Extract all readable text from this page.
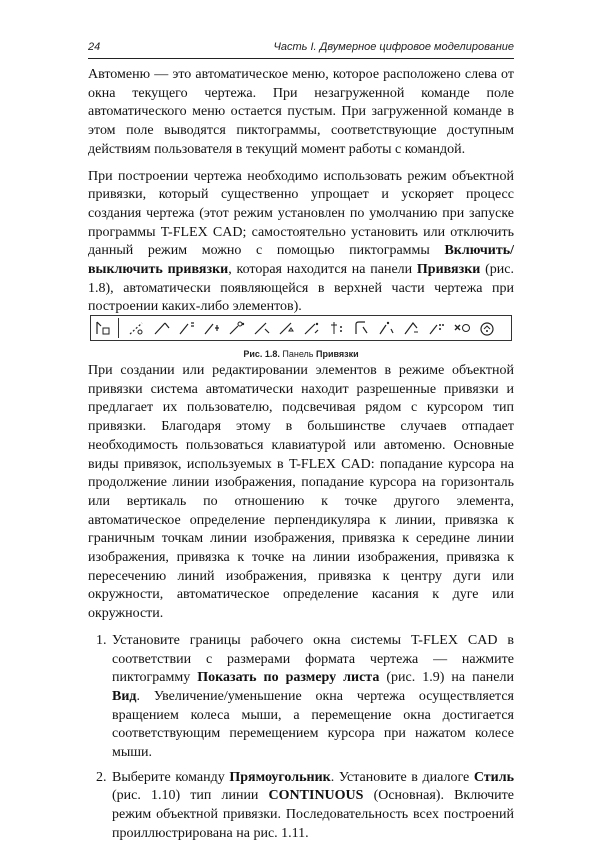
24	Часть I. Двумерное цифровое моделирование

Автоменю — это автоматическое меню, которое расположено слева от окна текущего чертежа. При незагруженной команде поле автоматического меню остается пустым. При загруженной команде в этом поле выводятся пиктограммы, соответствующие доступным действиям пользователя в текущий момент работы с командой.

При построении чертежа необходимо использовать режим объектной привязки, который существенно упрощает и ускоряет процесс создания чертежа (этот режим установлен по умолчанию при запуске программы T-FLEX CAD; самостоятельно установить или отключить данный режим можно с помощью пиктограммы Включить/выключить привязки, которая находится на панели Привязки (рис. 1.8), автоматически появляющейся в верхней части чертежа при построении каких-либо элементов).

Рис. 1.8. Панель Привязки

При создании или редактировании элементов в режиме объектной привязки система автоматически находит разрешенные привязки и предлагает их пользователю, подсвечивая рядом с курсором тип привязки. Благодаря этому в большинстве случаев отпадает необходимость пользоваться клавиатурой или автоменю. Основные виды привязок, используемых в T-FLEX CAD: попадание курсора на продолжение линии изображения, попадание курсора на горизонталь или вертикаль по отношению к точке другого элемента, автоматическое определение перпендикуляра к линии, привязка к граничным точкам линии изображения, привязка к середине линии изображения, привязка к точке на линии изображения, привязка к пересечению линий изображения, привязка к центру дуги или окружности, автоматическое определение касания к дуге или окружности.

1. Установите границы рабочего окна системы T-FLEX CAD в соответствии с размерами формата чертежа — нажмите пиктограмму Показать по размеру листа (рис. 1.9) на панели Вид. Увеличение/уменьшение окна чертежа осуществляется вращением колеса мыши, а перемещение окна достигается соответствующим перемещением курсора при нажатом колесе мыши.
2. Выберите команду Прямоугольник. Установите в диалоге Стиль (рис. 1.10) тип линии CONTINUOUS (Основная). Включите режим объектной привязки. Последовательность всех построений проиллюстрирована на рис. 1.11.
